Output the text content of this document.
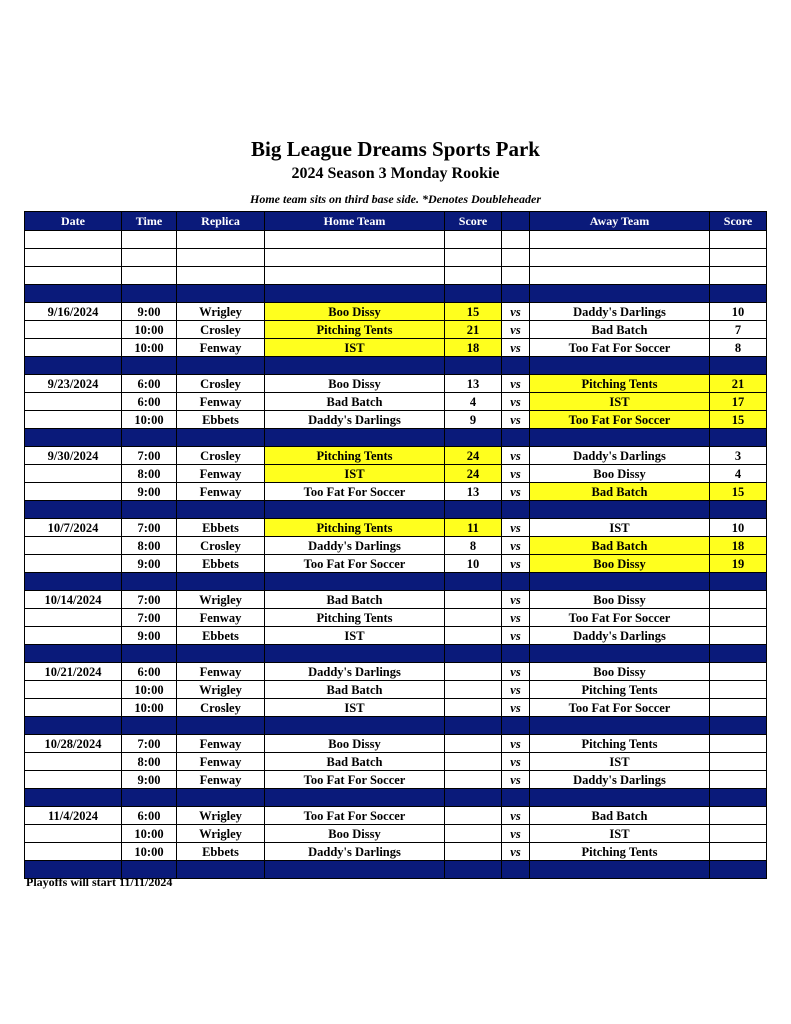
Big League Dreams Sports Park
2024 Season 3 Monday Rookie
Home team sits on third base side. *Denotes Doubleheader
Date	Time	Replica	Home Team	Score		Away Team	Score

9/16/2024	9:00	Wrigley	Boo Dissy	15	vs	Daddy's Darlings	10
	10:00	Crosley	Pitching Tents	21	vs	Bad Batch	7
	10:00	Fenway	IST	18	vs	Too Fat For Soccer	8

9/23/2024	6:00	Crosley	Boo Dissy	13	vs	Pitching Tents	21
	6:00	Fenway	Bad Batch	4	vs	IST	17
	10:00	Ebbets	Daddy's Darlings	9	vs	Too Fat For Soccer	15

9/30/2024	7:00	Crosley	Pitching Tents	24	vs	Daddy's Darlings	3
	8:00	Fenway	IST	24	vs	Boo Dissy	4
	9:00	Fenway	Too Fat For Soccer	13	vs	Bad Batch	15

10/7/2024	7:00	Ebbets	Pitching Tents	11	vs	IST	10
	8:00	Crosley	Daddy's Darlings	8	vs	Bad Batch	18
	9:00	Ebbets	Too Fat For Soccer	10	vs	Boo Dissy	19

10/14/2024	7:00	Wrigley	Bad Batch		vs	Boo Dissy	
	7:00	Fenway	Pitching Tents		vs	Too Fat For Soccer	
	9:00	Ebbets	IST		vs	Daddy's Darlings	

10/21/2024	6:00	Fenway	Daddy's Darlings		vs	Boo Dissy	
	10:00	Wrigley	Bad Batch		vs	Pitching Tents	
	10:00	Crosley	IST		vs	Too Fat For Soccer	

10/28/2024	7:00	Fenway	Boo Dissy		vs	Pitching Tents	
	8:00	Fenway	Bad Batch		vs	IST	
	9:00	Fenway	Too Fat For Soccer		vs	Daddy's Darlings	

11/4/2024	6:00	Wrigley	Too Fat For Soccer		vs	Bad Batch	
	10:00	Wrigley	Boo Dissy		vs	IST	
	10:00	Ebbets	Daddy's Darlings		vs	Pitching Tents	

Playoffs will start 11/11/2024
